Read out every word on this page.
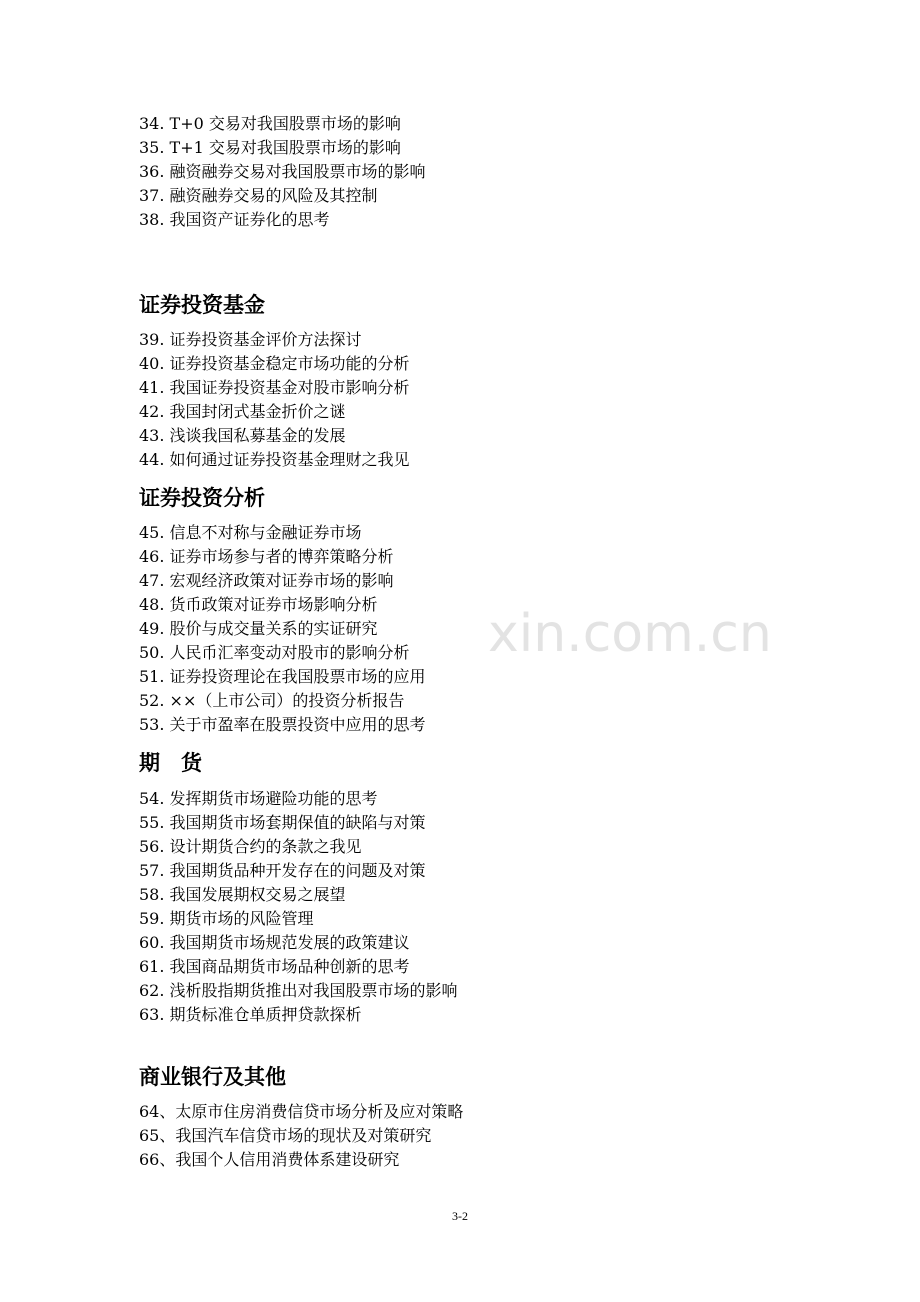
34. T+0 交易对我国股票市场的影响
35. T+1 交易对我国股票市场的影响
36. 融资融券交易对我国股票市场的影响
37. 融资融券交易的风险及其控制
38. 我国资产证券化的思考
证券投资基金
39. 证券投资基金评价方法探讨
40. 证券投资基金稳定市场功能的分析
41. 我国证券投资基金对股市影响分析
42. 我国封闭式基金折价之谜
43. 浅谈我国私募基金的发展
44. 如何通过证券投资基金理财之我见
证券投资分析
45. 信息不对称与金融证券市场
46. 证券市场参与者的博弈策略分析
47. 宏观经济政策对证券市场的影响
48. 货币政策对证券市场影响分析
49. 股价与成交量关系的实证研究
50. 人民币汇率变动对股市的影响分析
51. 证券投资理论在我国股票市场的应用
52. ××（上市公司）的投资分析报告
53. 关于市盈率在股票投资中应用的思考
期　货
54. 发挥期货市场避险功能的思考
55. 我国期货市场套期保值的缺陷与对策
56. 设计期货合约的条款之我见
57. 我国期货品种开发存在的问题及对策
58. 我国发展期权交易之展望
59. 期货市场的风险管理
60. 我国期货市场规范发展的政策建议
61. 我国商品期货市场品种创新的思考
62. 浅析股指期货推出对我国股票市场的影响
63. 期货标准仓单质押贷款探析
商业银行及其他
64、太原市住房消费信贷市场分析及应对策略
65、我国汽车信贷市场的现状及对策研究
66、我国个人信用消费体系建设研究
xin.com.cn
3-2
